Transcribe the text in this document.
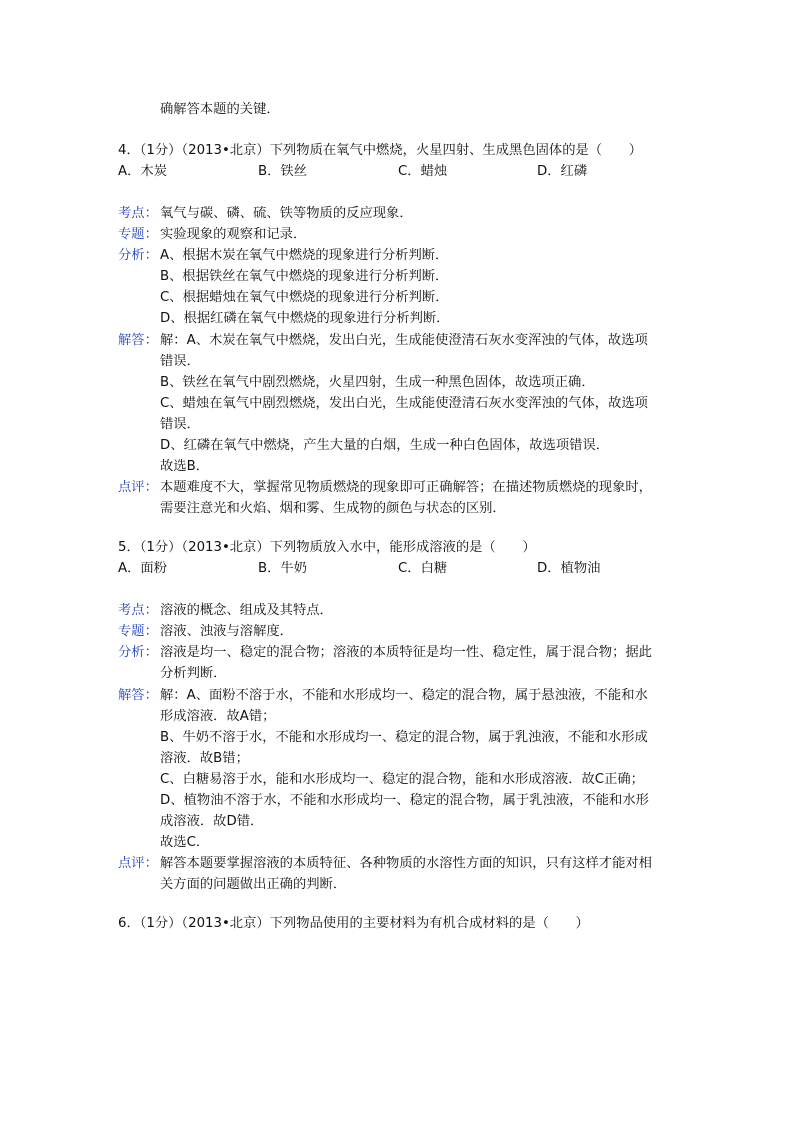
确解答本题的关键．
4．（1分）（2013•北京）下列物质在氧气中燃烧，火星四射、生成黑色固体的是（　　）
A．木炭	B．铁丝	C．蜡烛	D．红磷
考点： 氧气与碳、磷、硫、铁等物质的反应现象．
专题： 实验现象的观察和记录．
分析： A、根据木炭在氧气中燃烧的现象进行分析判断．
B、根据铁丝在氧气中燃烧的现象进行分析判断．
C、根据蜡烛在氧气中燃烧的现象进行分析判断．
D、根据红磷在氧气中燃烧的现象进行分析判断．
解答： 解：A、木炭在氧气中燃烧，发出白光，生成能使澄清石灰水变浑浊的气体，故选项
错误．
B、铁丝在氧气中剧烈燃烧，火星四射，生成一种黑色固体，故选项正确．
C、蜡烛在氧气中剧烈燃烧，发出白光，生成能使澄清石灰水变浑浊的气体，故选项
错误．
D、红磷在氧气中燃烧，产生大量的白烟，生成一种白色固体，故选项错误．
故选B．
点评： 本题难度不大，掌握常见物质燃烧的现象即可正确解答；在描述物质燃烧的现象时，
需要注意光和火焰、烟和雾、生成物的颜色与状态的区别．
5．（1分）（2013•北京）下列物质放入水中，能形成溶液的是（　　）
A．面粉	B．牛奶	C．白糖	D．植物油
考点： 溶液的概念、组成及其特点．
专题： 溶液、浊液与溶解度．
分析： 溶液是均一、稳定的混合物；溶液的本质特征是均一性、稳定性，属于混合物；据此
分析判断．
解答： 解：A、面粉不溶于水，不能和水形成均一、稳定的混合物，属于悬浊液，不能和水
形成溶液．故A错；
B、牛奶不溶于水，不能和水形成均一、稳定的混合物，属于乳浊液，不能和水形成
溶液．故B错；
C、白糖易溶于水，能和水形成均一、稳定的混合物，能和水形成溶液．故C正确；
D、植物油不溶于水，不能和水形成均一、稳定的混合物，属于乳浊液，不能和水形
成溶液．故D错．
故选C．
点评： 解答本题要掌握溶液的本质特征、各种物质的水溶性方面的知识，只有这样才能对相
关方面的问题做出正确的判断．
6．（1分）（2013•北京）下列物品使用的主要材料为有机合成材料的是（　　）
